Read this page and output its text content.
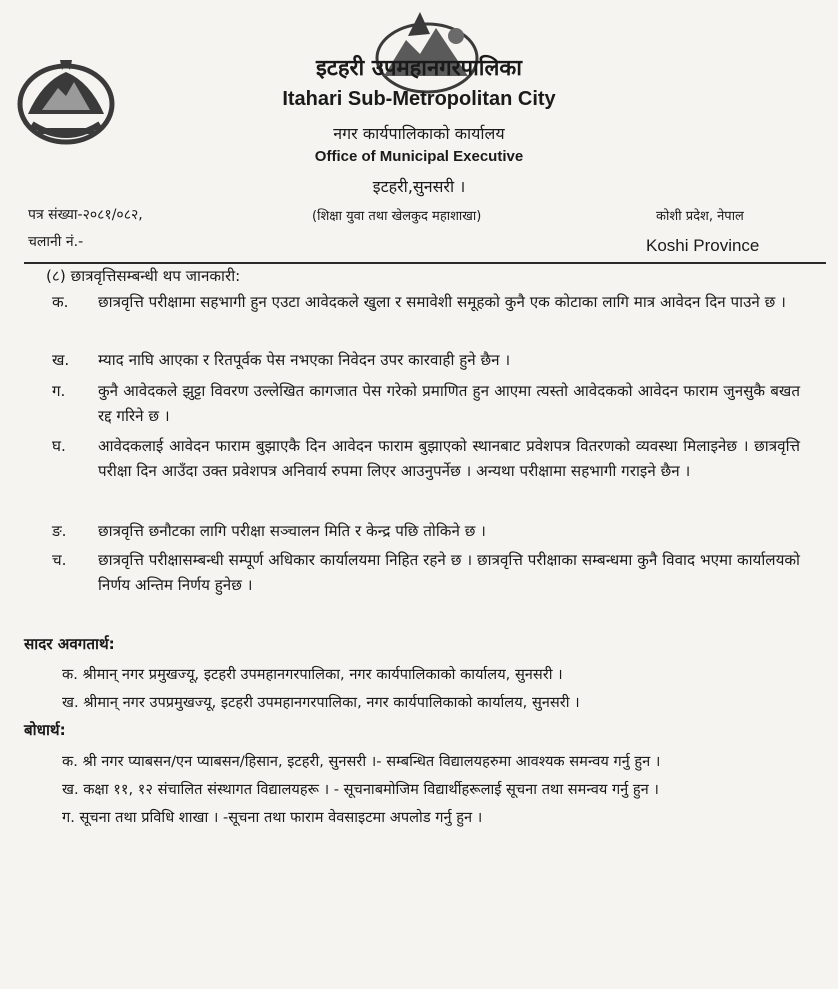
इटहरी उपमहानगरपालिका
Itahari Sub-Metropolitan City
नगर कार्यपालिकाको कार्यालय
Office of Municipal Executive
इटहरी,सुनसरी ।
पत्र संख्या-२०८१/०८२,	(शिक्षा युवा तथा खेलकुद महाशाखा)	कोशी प्रदेश, नेपाल
चलानी नं.-	Koshi Province
(८) छात्रवृत्तिसम्बन्धी थप जानकारी:
क.	छात्रवृत्ति परीक्षामा सहभागी हुन एउटा आवेदकले खुला र समावेशी समूहको कुनै एक कोटाका लागि मात्र आवेदन दिन पाउने छ ।
ख.	म्याद नाघि आएका र रितपूर्वक पेस नभएका निवेदन उपर कारवाही हुने छैन ।
ग.	कुनै आवेदकले झुट्टा विवरण उल्लेखित कागजात पेस गरेको प्रमाणित हुन आएमा त्यस्तो आवेदकको आवेदन फाराम जुनसुकै बखत रद्द गरिने छ ।
घ.	आवेदकलाई आवेदन फाराम बुझाएकै दिन आवेदन फाराम बुझाएको स्थानबाट प्रवेशपत्र वितरणको व्यवस्था मिलाइनेछ । छात्रवृत्ति परीक्षा दिन आउँदा उक्त प्रवेशपत्र अनिवार्य रुपमा लिएर आउनुपर्नेछ । अन्यथा परीक्षामा सहभागी गराइने छैन ।
ङ.	छात्रवृत्ति छनौटका लागि परीक्षा सञ्चालन मिति र केन्द्र पछि तोकिने छ ।
च.	छात्रवृत्ति परीक्षासम्बन्धी सम्पूर्ण अधिकार कार्यालयमा निहित रहने छ । छात्रवृत्ति परीक्षाका सम्बन्धमा कुनै विवाद भएमा कार्यालयको निर्णय अन्तिम निर्णय हुनेछ ।
सादर अवगतार्थ:
क. श्रीमान् नगर प्रमुखज्यू, इटहरी उपमहानगरपालिका, नगर कार्यपालिकाको कार्यालय, सुनसरी ।
ख. श्रीमान् नगर उपप्रमुखज्यू, इटहरी उपमहानगरपालिका, नगर कार्यपालिकाको कार्यालय, सुनसरी ।
बोधार्थ:
क. श्री नगर प्याबसन/एन प्याबसन/हिसान, इटहरी, सुनसरी ।- सम्बन्धित विद्यालयहरुमा आवश्यक समन्वय गर्नु हुन ।
ख. कक्षा ११, १२ संचालित संस्थागत विद्यालयहरू । - सूचनाबमोजिम विद्यार्थीहरूलाई सूचना तथा समन्वय गर्नु हुन ।
ग. सूचना तथा प्रविधि शाखा । -सूचना तथा फाराम वेवसाइटमा अपलोड गर्नु हुन ।
